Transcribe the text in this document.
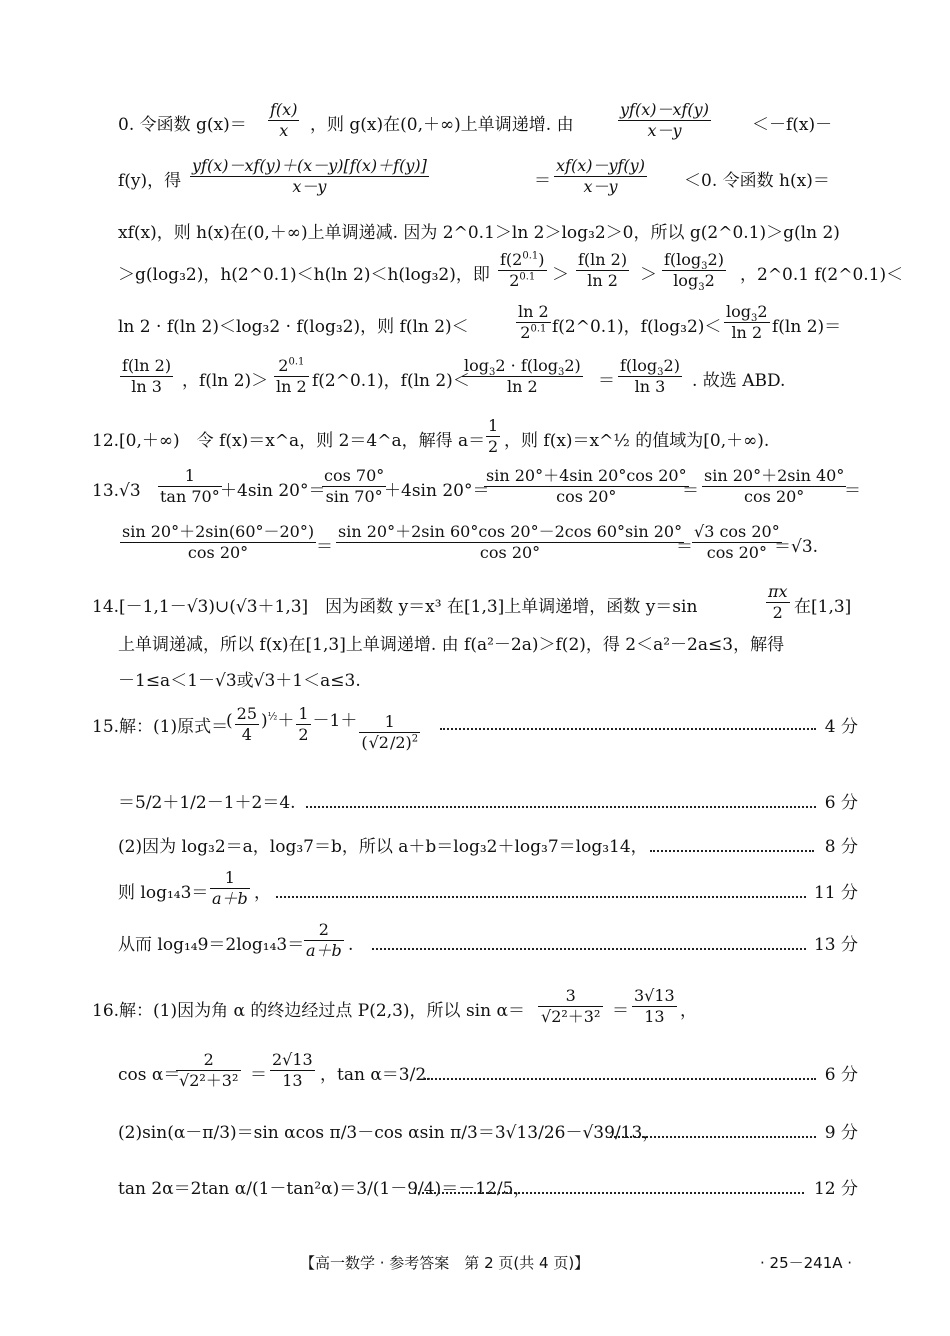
0. 令函数 $g(x)= \frac{f(x)}{x}$ ，则 g(x)在(0,＋∞)上单调递增. 由	$\frac{yf(x)-xf(y)}{x-y} <-f(x)-$
f(y)，得 $\frac{yf(x)-xf(y)+(x-y)[f(x)+f(y)]}{x-y}$	＝ $\frac{xf(x)-yf(y)}{x-y} <0$. 令函数 h(x)＝
xf(x)，则 h(x)在(0,＋∞)上单调递减. 因为 2^0.1＞ln 2＞log₃2＞0，所以 g(2^0.1)＞g(ln 2)
＞g(log₃2)，h(2^0.1)＜h(ln 2)＜h(log₃2)，即 $\frac{f(2^{0.1})}{2^{0.1}} > \frac{f(\ln 2)}{\ln 2} > \frac{f(\log_32)}{\log_32}$ ，2^0.1 f(2^0.1)＜
ln 2 · f(ln 2)＜log₃2 · f(log₃2)，则 f(ln 2)＜	$\frac{\ln 2}{2^{0.1}}$ f(2^0.1)，$f(\log_32)< \frac{\log_32}{\ln 2} f(\ln$ 2)＝
$\frac{f(\ln 2)}{\ln 3}$ ，f(ln $2)> \frac{2^{0.1}}{\ln 2}$ f(2^0.1)，f(ln 2)＜
$\frac{\log_32 \cdot f(\log_32)}{\ln 2} = \frac{f(\log_32)}{\ln 3}$ . 故选 ABD.
12.[0,＋∞)　令 f(x)＝x^a，则 2＝4^a，解得 $a= \frac{1}{2}$ ，则 f(x)＝x^½ 的值域为[0,＋∞).
$13.√3 \frac{1}{\tan 70^\circ}$
＋4sin 20°＝
$\frac{\cos 70^\circ}{\sin 70^\circ}$
＋4sin 20°＝
$\frac{\sin 20^\circ+4\sin 20^\circ\cos 20^\circ}{\cos 20^\circ}$
＝ $\frac{\sin 20^\circ+2\sin 40^\circ}{\cos 20^\circ}$
＝
$\frac{\sin 20^\circ+2\sin(60^\circ-20^\circ)}{\cos 20^\circ} = \frac{\sin 20^\circ+2\sin 60^\circ\cos 20^\circ-2\cos 60^\circ\sin 20^\circ}{\cos 20^\circ}$
＝ $\frac{√3 \cos 20^\circ}{\cos 20^\circ}$
＝√3.
14.[－1,1－√3)∪(√3＋1,3]　因为函数 y＝x³ 在[1,3]上单调递增，函数 y＝sin	$\frac{\pi x}{2}$ 在[1,3]
上单调递减，所以 f(x)在[1,3]上单调递增. 由 f(a²－2a)＞f(2)，得 2＜a²－2a≤3，解得
－1≤a＜1－√3或√3＋1＜a≤3.
15.解：(1)原式＝
( $\frac{25}{4} )^{\frac{1}{2}}+ \frac{1}{2} -1+ \frac{1}{(√2/2)^2}$	4 分
＝5/2＋1/2－1＋2＝4.	6 分
(2)因为 log₃2＝a，log₃7＝b，所以 a＋b＝log₃2＋log₃7＝log₃14，	8 分
则 $\log_{14}3= \frac{1}{a+b}$ ，	11 分
从而 $\log_{14}9=2\log_{14}3= \frac{2}{a+b}$ .	13 分
16.解：(1)因为角 α 的终边经过点 P(2,3)，所以 $\sin \alpha= \frac{3}{\text{√2²＋3²}} = \frac{3√13}{13}$ ，
cos α＝
$\frac{2}{\text{√2²＋3²}} = \frac{2√13}{13}$ ，tan α＝3/2.	6 分
(2)sin(α－π/3)＝sin αcos π/3－cos αsin π/3＝3√13/26－√39/13，	9 分
tan 2α＝2tan α/(1－tan²α)＝3/(1－9/4)＝－12/5，	12 分
【高一数学 · 参考答案　第 2 页(共 4 页)】	· 25－241A ·
